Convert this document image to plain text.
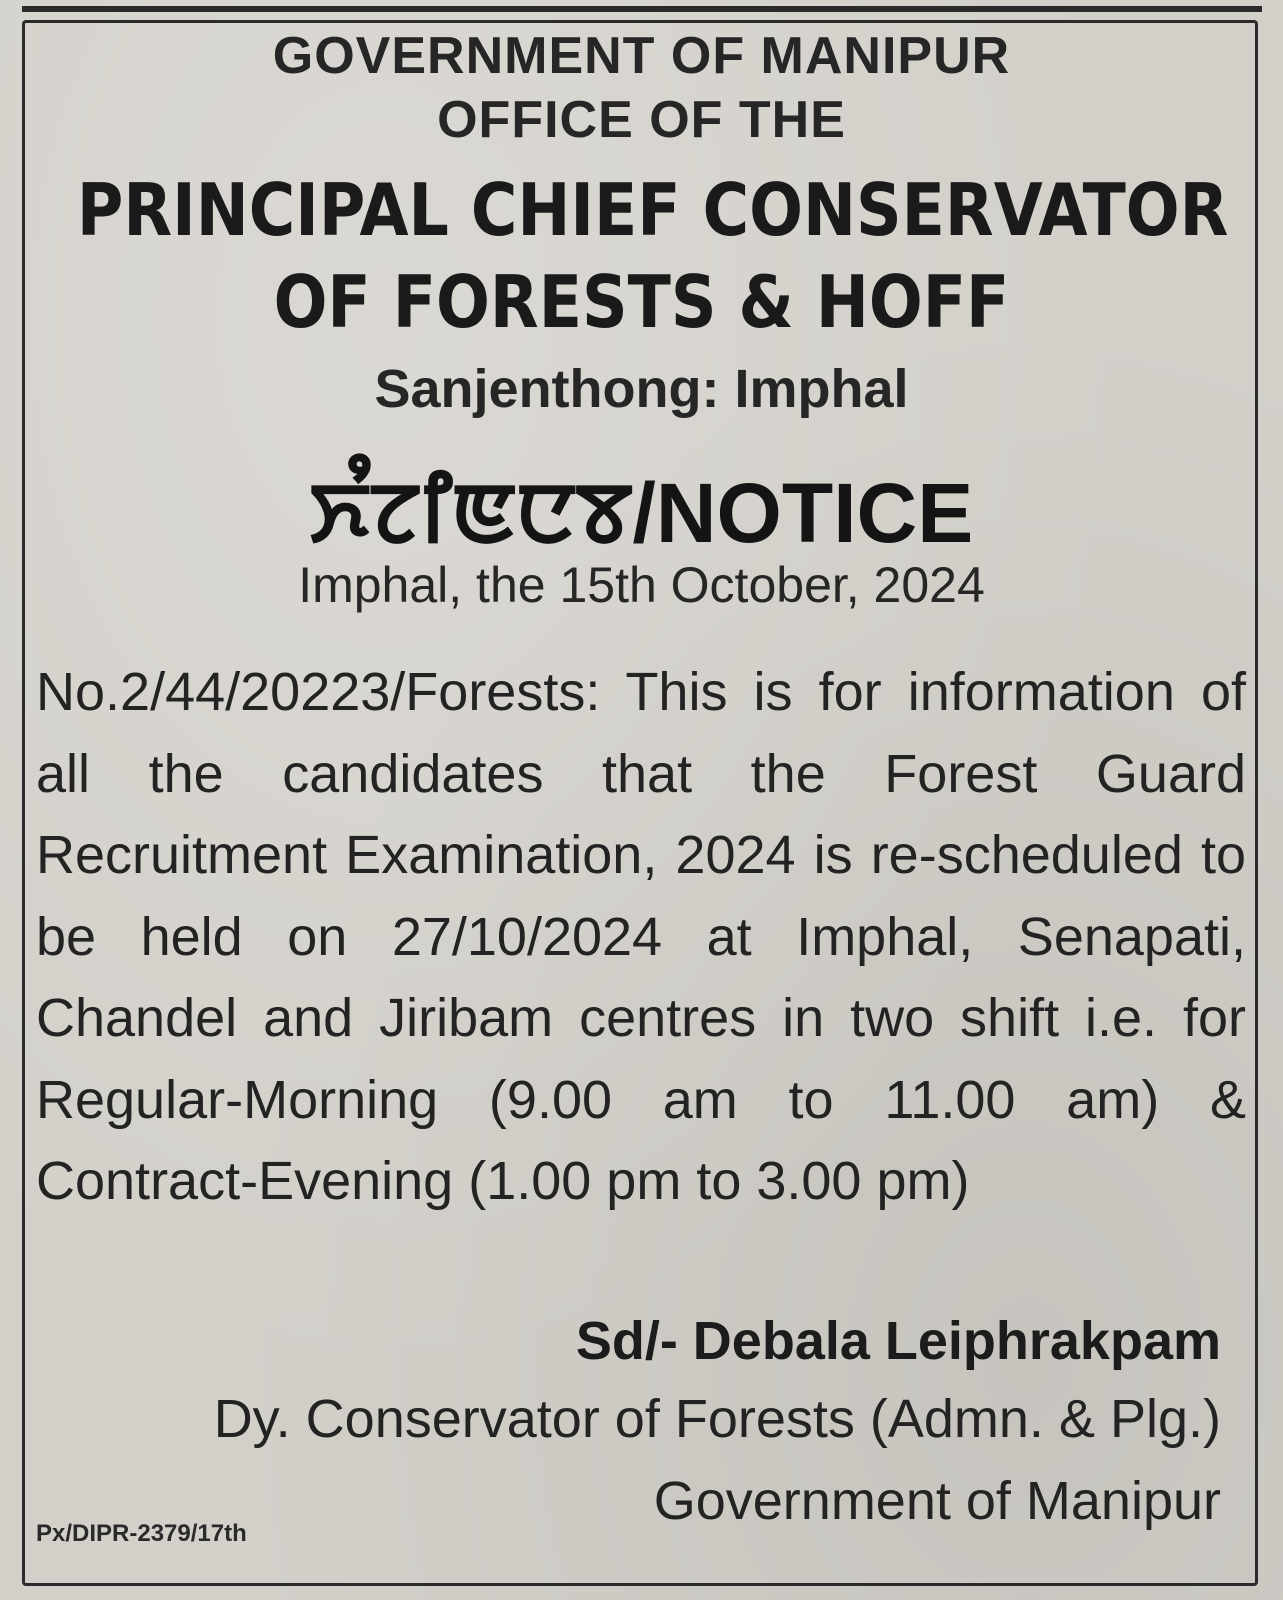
GOVERNMENT OF MANIPUR
OFFICE OF THE
PRINCIPAL CHIEF CONSERVATOR
OF FORESTS & HOFF
Sanjenthong: Imphal
ꯈꯪꯖꯤꯟꯅꯕ/NOTICE
Imphal, the 15th October, 2024
No.2/44/20223/Forests: This is for information of all the candidates that the Forest Guard Recruitment Examination, 2024 is re-scheduled to be held on 27/10/2024 at Imphal, Senapati, Chandel and Jiribam centres in two shift i.e. for Regular-Morning (9.00 am to 11.00 am) & Contract-Evening (1.00 pm to 3.00 pm)
Sd/- Debala Leiphrakpam
Dy. Conservator of Forests (Admn. & Plg.)
Government of Manipur
Px/DIPR-2379/17th
